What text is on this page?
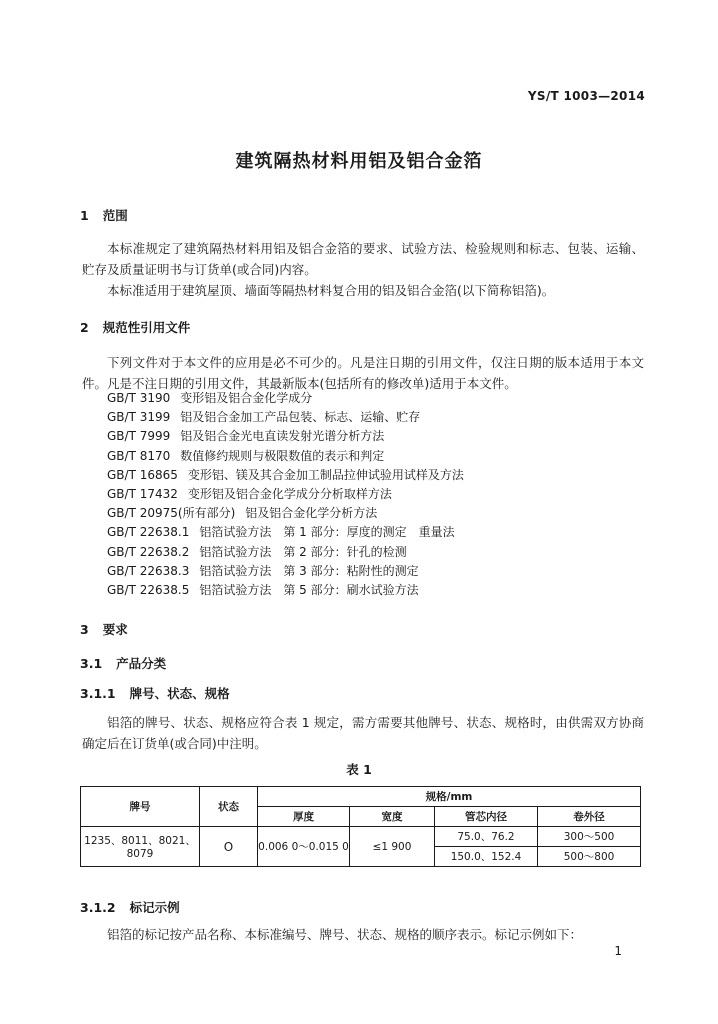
YS/T 1003—2014
建筑隔热材料用铝及铝合金箔
1 范围
本标准规定了建筑隔热材料用铝及铝合金箔的要求、试验方法、检验规则和标志、包装、运输、贮存及质量证明书与订货单(或合同)内容。
本标准适用于建筑屋顶、墙面等隔热材料复合用的铝及铝合金箔(以下简称铝箔)。
2 规范性引用文件
下列文件对于本文件的应用是必不可少的。凡是注日期的引用文件，仅注日期的版本适用于本文件。凡是不注日期的引用文件，其最新版本(包括所有的修改单)适用于本文件。
GB/T 3190 变形铝及铝合金化学成分
GB/T 3199 铝及铝合金加工产品包装、标志、运输、贮存
GB/T 7999 铝及铝合金光电直读发射光谱分析方法
GB/T 8170 数值修约规则与极限数值的表示和判定
GB/T 16865 变形铝、镁及其合金加工制品拉伸试验用试样及方法
GB/T 17432 变形铝及铝合金化学成分分析取样方法
GB/T 20975(所有部分) 铝及铝合金化学分析方法
GB/T 22638.1 铝箔试验方法　第 1 部分：厚度的测定　重量法
GB/T 22638.2 铝箔试验方法　第 2 部分：针孔的检测
GB/T 22638.3 铝箔试验方法　第 3 部分：粘附性的测定
GB/T 22638.5 铝箔试验方法　第 5 部分：刷水试验方法
3 要求
3.1 产品分类
3.1.1 牌号、状态、规格
铝箔的牌号、状态、规格应符合表 1 规定，需方需要其他牌号、状态、规格时，由供需双方协商确定后在订货单(或合同)中注明。
表 1
牌号	状态	规格/mm			
		厚度	宽度	管芯内径	卷外径
1235、8011、8021、8079	O	0.006 0～0.015 0	≤1 900	75.0、76.2	300～500
				150.0、152.4	500～800
3.1.2 标记示例
铝箔的标记按产品名称、本标准编号、牌号、状态、规格的顺序表示。标记示例如下：
1
